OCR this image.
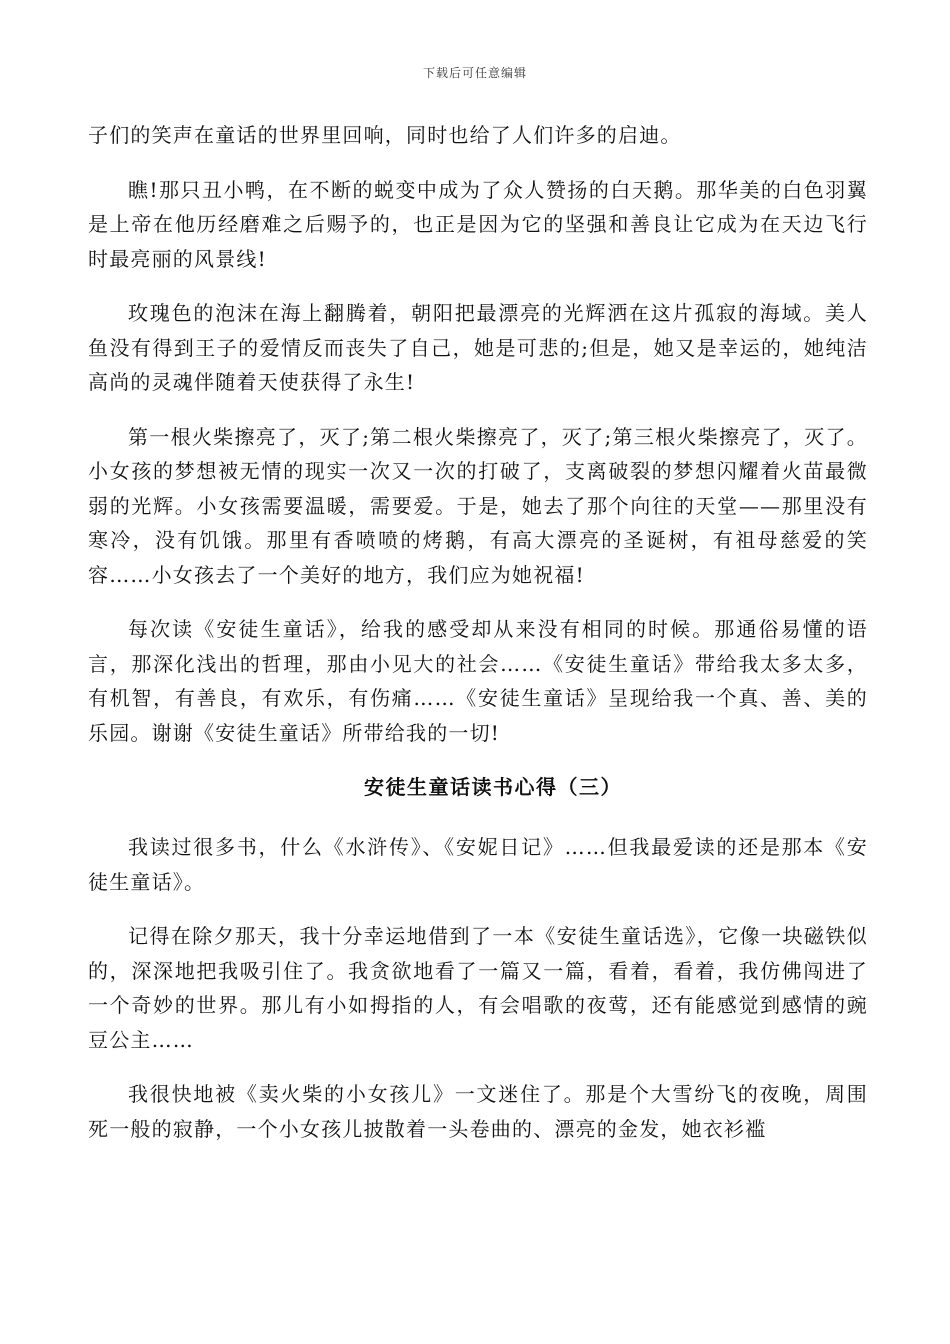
下载后可任意编辑

子们的笑声在童话的世界里回响，同时也给了人们许多的启迪。

瞧!那只丑小鸭，在不断的蜕变中成为了众人赞扬的白天鹅。那华美的白色羽翼是上帝在他历经磨难之后赐予的，也正是因为它的坚强和善良让它成为在天边飞行时最亮丽的风景线!

玫瑰色的泡沫在海上翻腾着，朝阳把最漂亮的光辉洒在这片孤寂的海域。美人鱼没有得到王子的爱情反而丧失了自己，她是可悲的;但是，她又是幸运的，她纯洁高尚的灵魂伴随着天使获得了永生!

第一根火柴擦亮了，灭了;第二根火柴擦亮了，灭了;第三根火柴擦亮了，灭了。小女孩的梦想被无情的现实一次又一次的打破了，支离破裂的梦想闪耀着火苗最微弱的光辉。小女孩需要温暖，需要爱。于是，她去了那个向往的天堂——那里没有寒冷，没有饥饿。那里有香喷喷的烤鹅，有高大漂亮的圣诞树，有祖母慈爱的笑容……小女孩去了一个美好的地方，我们应为她祝福!

每次读《安徒生童话》，给我的感受却从来没有相同的时候。那通俗易懂的语言，那深化浅出的哲理，那由小见大的社会……《安徒生童话》带给我太多太多，有机智，有善良，有欢乐，有伤痛……《安徒生童话》呈现给我一个真、善、美的乐园。谢谢《安徒生童话》所带给我的一切!

安徒生童话读书心得（三）

我读过很多书，什么《水浒传》、《安妮日记》……但我最爱读的还是那本《安徒生童话》。

记得在除夕那天，我十分幸运地借到了一本《安徒生童话选》，它像一块磁铁似的，深深地把我吸引住了。我贪欲地看了一篇又一篇，看着，看着，我仿佛闯进了一个奇妙的世界。那儿有小如拇指的人，有会唱歌的夜莺，还有能感觉到感情的豌豆公主……

我很快地被《卖火柴的小女孩儿》一文迷住了。那是个大雪纷飞的夜晚，周围死一般的寂静，一个小女孩儿披散着一头卷曲的、漂亮的金发，她衣衫褴
